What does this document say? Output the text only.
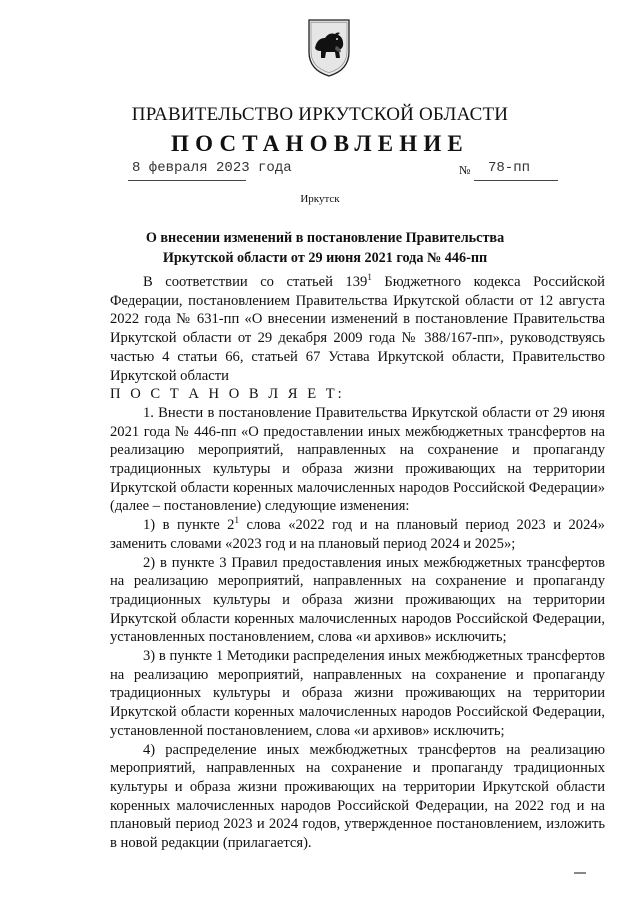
ПРАВИТЕЛЬСТВО ИРКУТСКОЙ ОБЛАСТИ
ПОСТАНОВЛЕНИЕ
8 февраля 2023 года	№ 78-пп
Иркутск
О внесении изменений в постановление Правительства
Иркутской области от 29 июня 2021 года № 446-пп

В соответствии со статьей $139^1$ Бюджетного кодекса Российской Федерации, постановлением Правительства Иркутской области от 12 августа 2022 года № 631-пп «О внесении изменений в постановление Правительства Иркутской области от 29 декабря 2009 года № 388/167-пп», руководствуясь частью 4 статьи 66, статьей 67 Устава Иркутской области, Правительство Иркутской области

П О С Т А Н О В Л Я Е Т:

1. Внести в постановление Правительства Иркутской области от 29 июня 2021 года № 446-пп «О предоставлении иных межбюджетных трансфертов на реализацию мероприятий, направленных на сохранение и пропаганду традиционных культуры и образа жизни проживающих на территории Иркутской области коренных малочисленных народов Российской Федерации» (далее – постановление) следующие изменения:

1) в пункте $2^1$ слова «2022 год и на плановый период 2023 и 2024» заменить словами «2023 год и на плановый период 2024 и 2025»;

2) в пункте 3 Правил предоставления иных межбюджетных трансфертов на реализацию мероприятий, направленных на сохранение и пропаганду традиционных культуры и образа жизни проживающих на территории Иркутской области коренных малочисленных народов Российской Федерации, установленных постановлением, слова «и архивов» исключить;

3) в пункте 1 Методики распределения иных межбюджетных трансфертов на реализацию мероприятий, направленных на сохранение и пропаганду традиционных культуры и образа жизни проживающих на территории Иркутской области коренных малочисленных народов Российской Федерации, установленной постановлением, слова «и архивов» исключить;

4) распределение иных межбюджетных трансфертов на реализацию мероприятий, направленных на сохранение и пропаганду традиционных культуры и образа жизни проживающих на территории Иркутской области коренных малочисленных народов Российской Федерации, на 2022 год и на плановый период 2023 и 2024 годов, утвержденное постановлением, изложить в новой редакции (прилагается).
